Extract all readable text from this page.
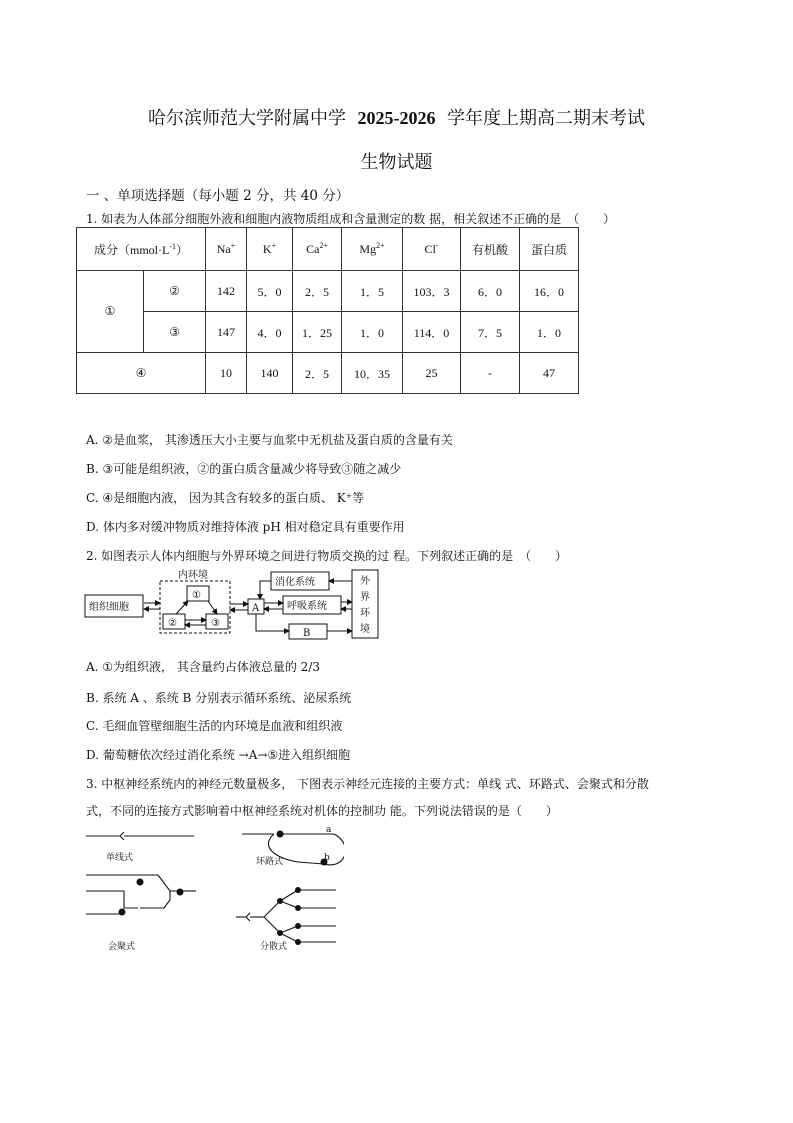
哈尔滨师范大学附属中学 2025-2026 学年度上期高二期末考试
生物试题
一 、单项选择题（每小题 2 分，共 40 分）
1. 如表为人体部分细胞外液和细胞内液物质组成和含量测定的数 据，相关叙述不正确的是　（　　）
成分$(mmol\cdot L^{-1})$		Na+	K+	$Ca^{2+}$	$Mg^{2+}$	Cl-	有机酸	蛋白质
①	②	142	5．0	2．5	1．5	103．3	6．0	16．0
	③	147	4．0	1．25	1．0	114．0	7．5	1．0
④		10	140	2．5	10．35	25	-	47
A. ②是血浆， 其渗透压大小主要与血浆中无机盐及蛋白质的含量有关
B. ③可能是组织液，②的蛋白质含量减少将导致③随之减少
C. ④是细胞内液， 因为其含有较多的蛋白质、 K⁺等
D. 体内多对缓冲物质对维持体液 pH 相对稳定具有重要作用
2. 如图表示人体内细胞与外界环境之间进行物质交换的过 程。下列叙述正确的是　（　　）
组织细胞
内环境
①
②	③
A
B
消化系统
呼吸系统
外
界
环
境
A. ①为组织液， 其含量约占体液总量的 2/3
B. 系统 A 、系统 B 分别表示循环系统、泌尿系统
C. 毛细血管壁细胞生活的内环境是血液和组织液
D. 葡萄糖依次经过消化系统 →A→⑤进入组织细胞
3. 中枢神经系统内的神经元数量极多， 下图表示神经元连接的主要方式：单线 式、环路式、会聚式和分散
式，不同的连接方式影响着中枢神经系统对机体的控制功 能。下列说法错误的是（　　）
单线式	环路式
a
b
会聚式	分散式
